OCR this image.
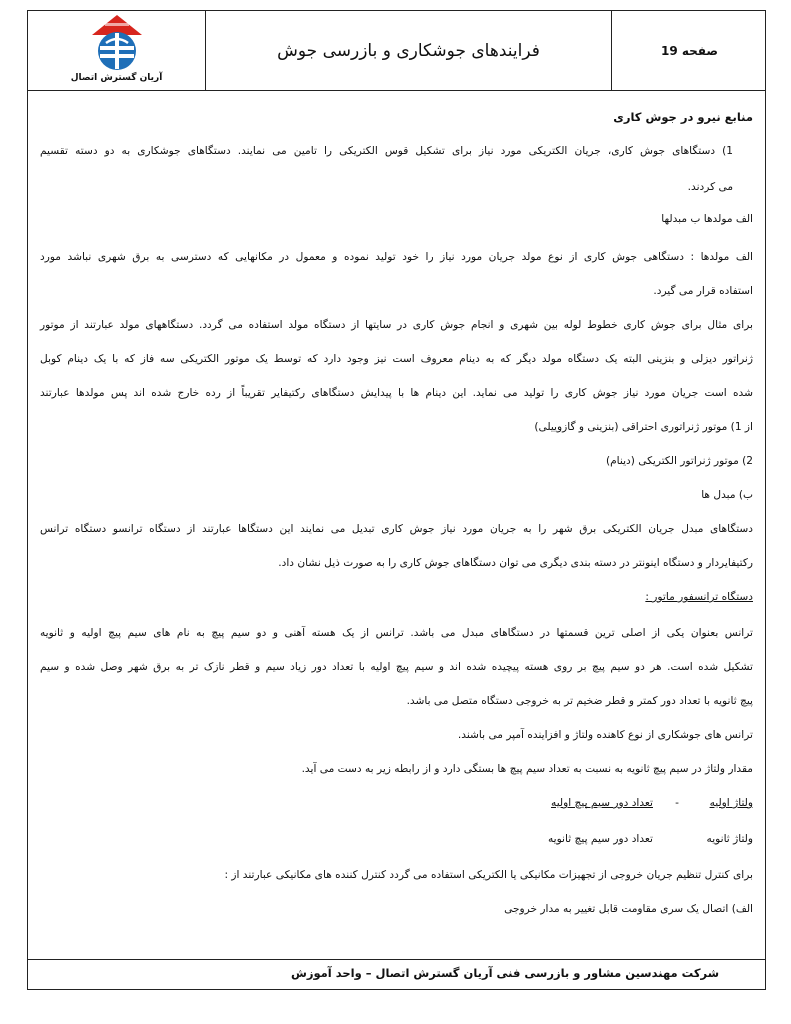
آریان گسترش اتصال
فرایندهای جوشکاری و بازرسی جوش	صفحه 19
منابع نیرو در جوش کاری
1) دستگاهای جوش کاری، جریان الکتریکی مورد نیاز برای تشکیل قوس الکتریکی را تامین می نمایند. دستگاهای جوشکاری به دو دسته تقسیم
می کردند.
الف مولدها ب مبدلها
الف مولدها : دستگاهی جوش کاری از نوع مولد جریان مورد نیاز را خود تولید نموده و معمول در مکانهایی که دسترسی به برق شهری نباشد مورد
استفاده قرار می گیرد.
برای مثال برای جوش کاری خطوط لوله بین شهری و انجام جوش کاری در سایتها از دستگاه مولد استفاده می گردد. دستگاههای مولد عبارتند از موتور
ژنراتور دیزلی و بنزینی البته یک دستگاه مولد دیگر که به دینام معروف است نیز وجود دارد که توسط یک موتور الکتریکی سه فاز که با یک دینام کوبل
شده است جریان مورد نیاز جوش کاری را تولید می نماید. این دینام ها با پیدایش دستگاهای رکتیفایر تقریباً از رده خارج شده اند پس مولدها عبارتند
از 1) موتور ژنراتوری احتراقی (بنزینی و گازوییلی)
2) موتور ژنراتور الکتریکی (دینام)
ب) مبدل ها
دستگاهای مبدل جریان الکتریکی برق شهر را به جریان مورد نیاز جوش کاری تبدیل می نمایند این دستگاها عبارتند از دستگاه ترانسو دستگاه ترانس
رکتیفایردار و دستگاه اینونتر در دسته بندی دیگری می توان دستگاهای جوش کاری را به صورت ذیل نشان داد.
دستگاه ترانسفور ماتور :
ترانس بعنوان یکی از اصلی ترین قسمتها در دستگاهای مبدل می باشد. ترانس از یک هسته آهنی و دو سیم پیچ به نام های سیم پیچ اولیه و ثانویه
تشکیل شده است. هر دو سیم پیچ بر روی هسته پیچیده شده اند و سیم پیچ اولیه با تعداد دور زیاد سیم و قطر نازک تر به برق شهر وصل شده و سیم
پیچ ثانویه با تعداد دور کمتر و قطر ضخیم تر به خروجی دستگاه متصل می باشد.
ترانس های جوشکاری از نوع کاهنده ولتاژ و افزاینده آمپر می باشند.
مقدار ولتاژ در سیم پیچ ثانویه به نسبت به تعداد سیم پیچ ها بستگی دارد و از رابطه زیر به دست می آید.
ولتاژ اولیه
-
تعداد دور سیم پیچ اولیه
ولتاژ ثانویه
تعداد دور سیم پیچ ثانویه
برای کنترل تنظیم جریان خروجی از تجهیزات مکانیکی یا الکتریکی استفاده می گردد کنترل کننده های مکانیکی عبارتند از :
الف) اتصال یک سری مقاومت قابل تغییر به مدار خروجی
شرکت مهندسین مشاور و بازرسی فنی آریان گسترش اتصال – واحد آموزش
